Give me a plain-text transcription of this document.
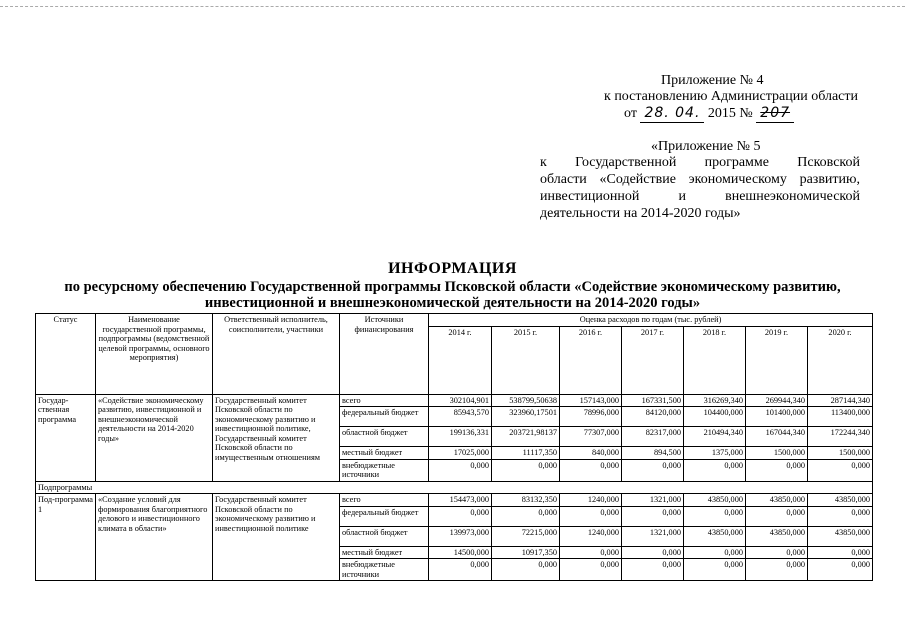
Приложение № 4
к постановлению Администрации области
от 28. 04. 2015 № 207
«Приложение № 5
к Государственной программе Псковской
области «Содействие экономическому развитию,
инвестиционной и внешнеэкономической
деятельности на 2014-2020 годы»
ИНФОРМАЦИЯ
по ресурсному обеспечению Государственной программы Псковской области «Содействие экономическому развитию,
инвестиционной и внешнеэкономической деятельности на 2014-2020 годы»
Статус	Наименование государственной программы, подпрограммы (ведомственной целевой программы, основного мероприятия)	Ответственный исполнитель, соисполнители, участники	Источники финансирования	Оценка расходов по годам (тыс. рублей)						
				2014 г.	2015 г.	2016 г.	2017 г.	2018 г.	2019 г.	2020 г.
Государ-ственная программа	«Содействие экономическому развитию, инвестиционной и внешнеэкономической деятельности на 2014-2020 годы»	Государственный комитет Псковской области по экономическому развитию и инвестиционной политике, Государственный комитет Псковской области по имущественным отношениям	всего	302104,901	538799,50638	157143,000	167331,500	316269,340	269944,340	287144,340
			федеральный бюджет	85943,570	323960,17501	78996,000	84120,000	104400,000	101400,000	113400,000
			областной бюджет	199136,331	203721,98137	77307,000	82317,000	210494,340	167044,340	172244,340
			местный бюджет	17025,000	11117,350	840,000	894,500	1375,000	1500,000	1500,000
			внебюджетные источники	0,000	0,000	0,000	0,000	0,000	0,000	0,000
Подпрограммы										
Под-программа 1	«Создание условий для формирования благоприятного делового и инвестиционного климата в области»	Государственный комитет Псковской области по экономическому развитию и инвестиционной политике	всего	154473,000	83132,350	1240,000	1321,000	43850,000	43850,000	43850,000
			федеральный бюджет	0,000	0,000	0,000	0,000	0,000	0,000	0,000
			областной бюджет	139973,000	72215,000	1240,000	1321,000	43850,000	43850,000	43850,000
			местный бюджет	14500,000	10917,350	0,000	0,000	0,000	0,000	0,000
			внебюджетные источники	0,000	0,000	0,000	0,000	0,000	0,000	0,000
